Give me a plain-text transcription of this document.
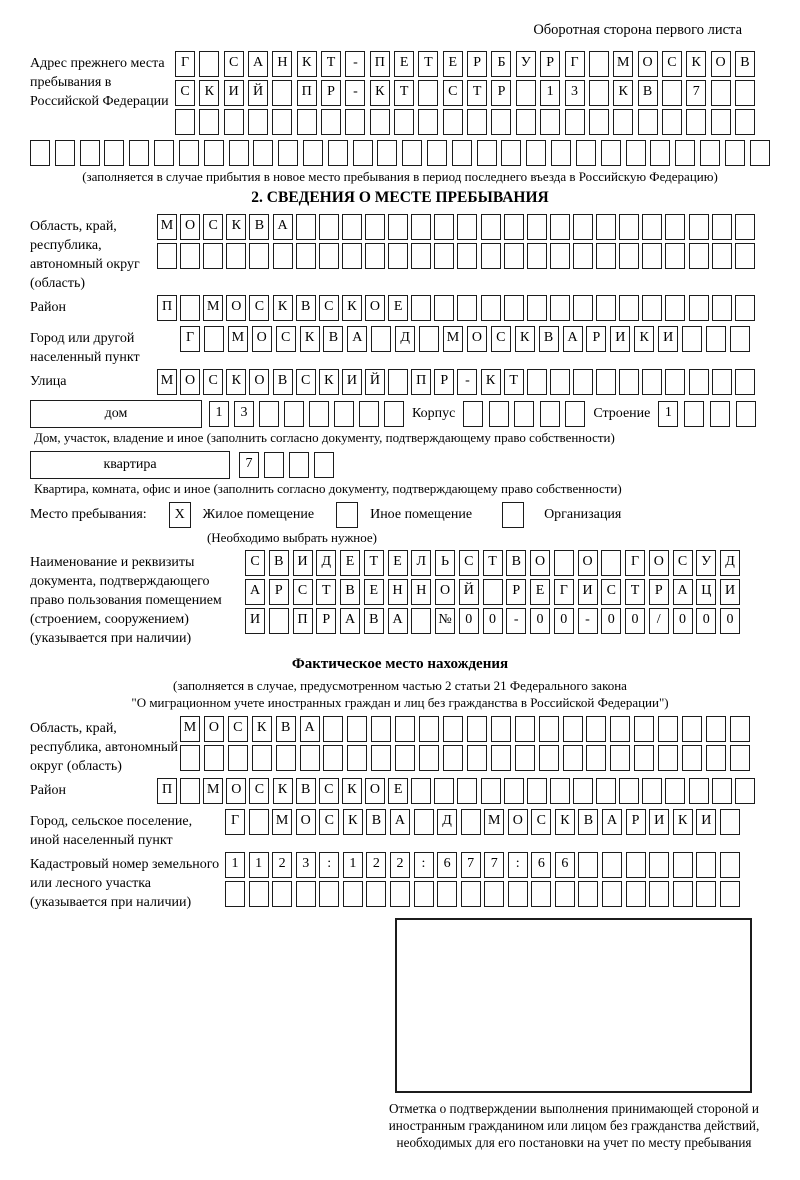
Оборотная сторона первого листа
Адрес прежнего места пребывания в Российской Федерации
Г	С	А	Н	К	Т	-	П	Е	Т	Е	Р	Б	У	Р	Г	М О	С	К	О	В
С	К	И	Й	П	Р	-	К	Т	С	Т	Р	1	3	К	В	7
(заполняется в случае прибытия в новое место пребывания в период последнего въезда в Российскую Федерацию)
2. СВЕДЕНИЯ О МЕСТЕ ПРЕБЫВАНИЯ
Область, край, республика, автономный округ (область)
М О С К В А
Район	П	М О С К В С К О Е
Город или другой населенный пункт
Г	М О	С	К	В	А	Д	М О	С	К	В	А	Р	И	К	И
Улица	М О С К О В С К И Й	П	Р	-	К	Т
дом	1	3	Корпус	Строение	1
Дом, участок, владение и иное (заполнить согласно документу, подтверждающему право собственности)
квартира	7
Квартира, комната, офис и иное (заполнить согласно документу, подтверждающему право собственности)
Место пребывания:	X	Жилое помещение	Иное помещение	Организация
(Необходимо выбрать нужное)
Наименование и реквизиты документа, подтверждающего право пользования помещением (строением, сооружением) (указывается при наличии)
С	В	И Д	Е	Т	Е	Л	Ь	С	Т	В	О	О	Г	О	С	У	Д
А	Р	С	Т	В	Е	Н Н О Й	Р	Е	Г	И	С	Т	Р	А Ц И
И	П	Р	А	В	А	№ 0	0	-	0	0	-	0	0	/	0	0	0
Фактическое место нахождения
(заполняется в случае, предусмотренном частью 2 статьи 21 Федерального закона
"О миграционном учете иностранных граждан и лиц без гражданства в Российской Федерации")
Область, край, республика, автономный округ (область)
М О	С	К	В	А
Район	П	М О С К В С К О Е
Город, сельское поселение, иной населенный пункт
Г	М О С	К	В А	Д	М О С	К	В А	Р	И К И
Кадастровый номер земельного или лесного участка (указывается при наличии)
1	1	2	3	:	1	2	2	:	6	7	7	:	6	6
Отметка о подтверждении выполнения принимающей стороной и иностранным гражданином или лицом без гражданства действий, необходимых для его постановки на учет по месту пребывания
